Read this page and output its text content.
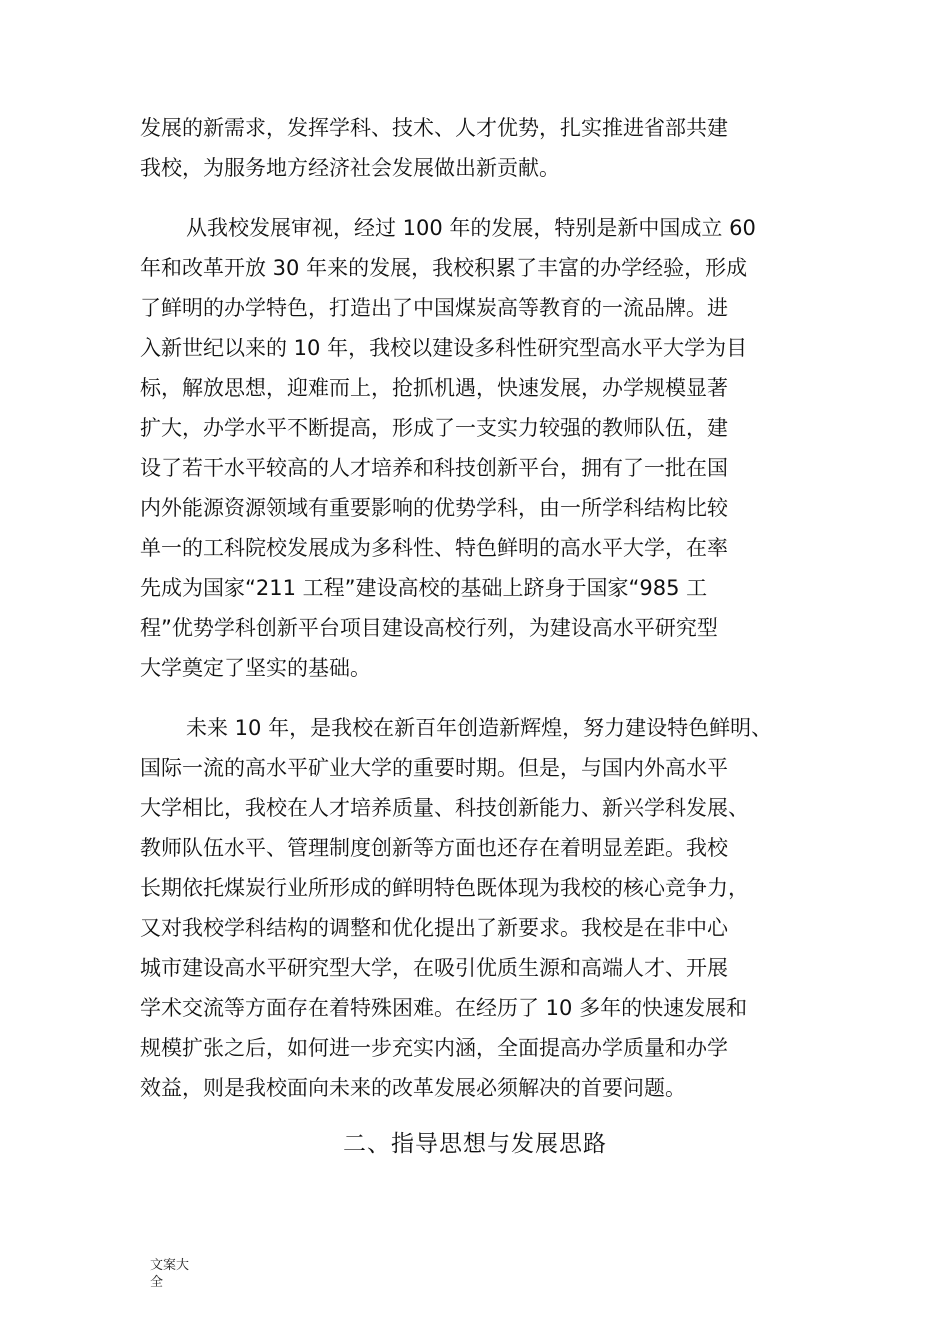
发展的新需求，发挥学科、技术、人才优势，扎实推进省部共建
我校，为服务地方经济社会发展做出新贡献。
从我校发展审视，经过 100 年的发展，特别是新中国成立 60
年和改革开放 30 年来的发展，我校积累了丰富的办学经验，形成
了鲜明的办学特色，打造出了中国煤炭高等教育的一流品牌。进
入新世纪以来的 10 年，我校以建设多科性研究型高水平大学为目
标，解放思想，迎难而上，抢抓机遇，快速发展，办学规模显著
扩大，办学水平不断提高，形成了一支实力较强的教师队伍，建
设了若干水平较高的人才培养和科技创新平台，拥有了一批在国
内外能源资源领域有重要影响的优势学科，由一所学科结构比较
单一的工科院校发展成为多科性、特色鲜明的高水平大学，在率
先成为国家“211 工程”建设高校的基础上跻身于国家“985 工
程”优势学科创新平台项目建设高校行列，为建设高水平研究型
大学奠定了坚实的基础。
未来 10 年，是我校在新百年创造新辉煌，努力建设特色鲜明、
国际一流的高水平矿业大学的重要时期。但是，与国内外高水平
大学相比，我校在人才培养质量、科技创新能力、新兴学科发展、
教师队伍水平、管理制度创新等方面也还存在着明显差距。我校
长期依托煤炭行业所形成的鲜明特色既体现为我校的核心竞争力，
又对我校学科结构的调整和优化提出了新要求。我校是在非中心
城市建设高水平研究型大学，在吸引优质生源和高端人才、开展
学术交流等方面存在着特殊困难。在经历了 10 多年的快速发展和
规模扩张之后，如何进一步充实内涵，全面提高办学质量和办学
效益，则是我校面向未来的改革发展必须解决的首要问题。
二、指导思想与发展思路
文案大全
